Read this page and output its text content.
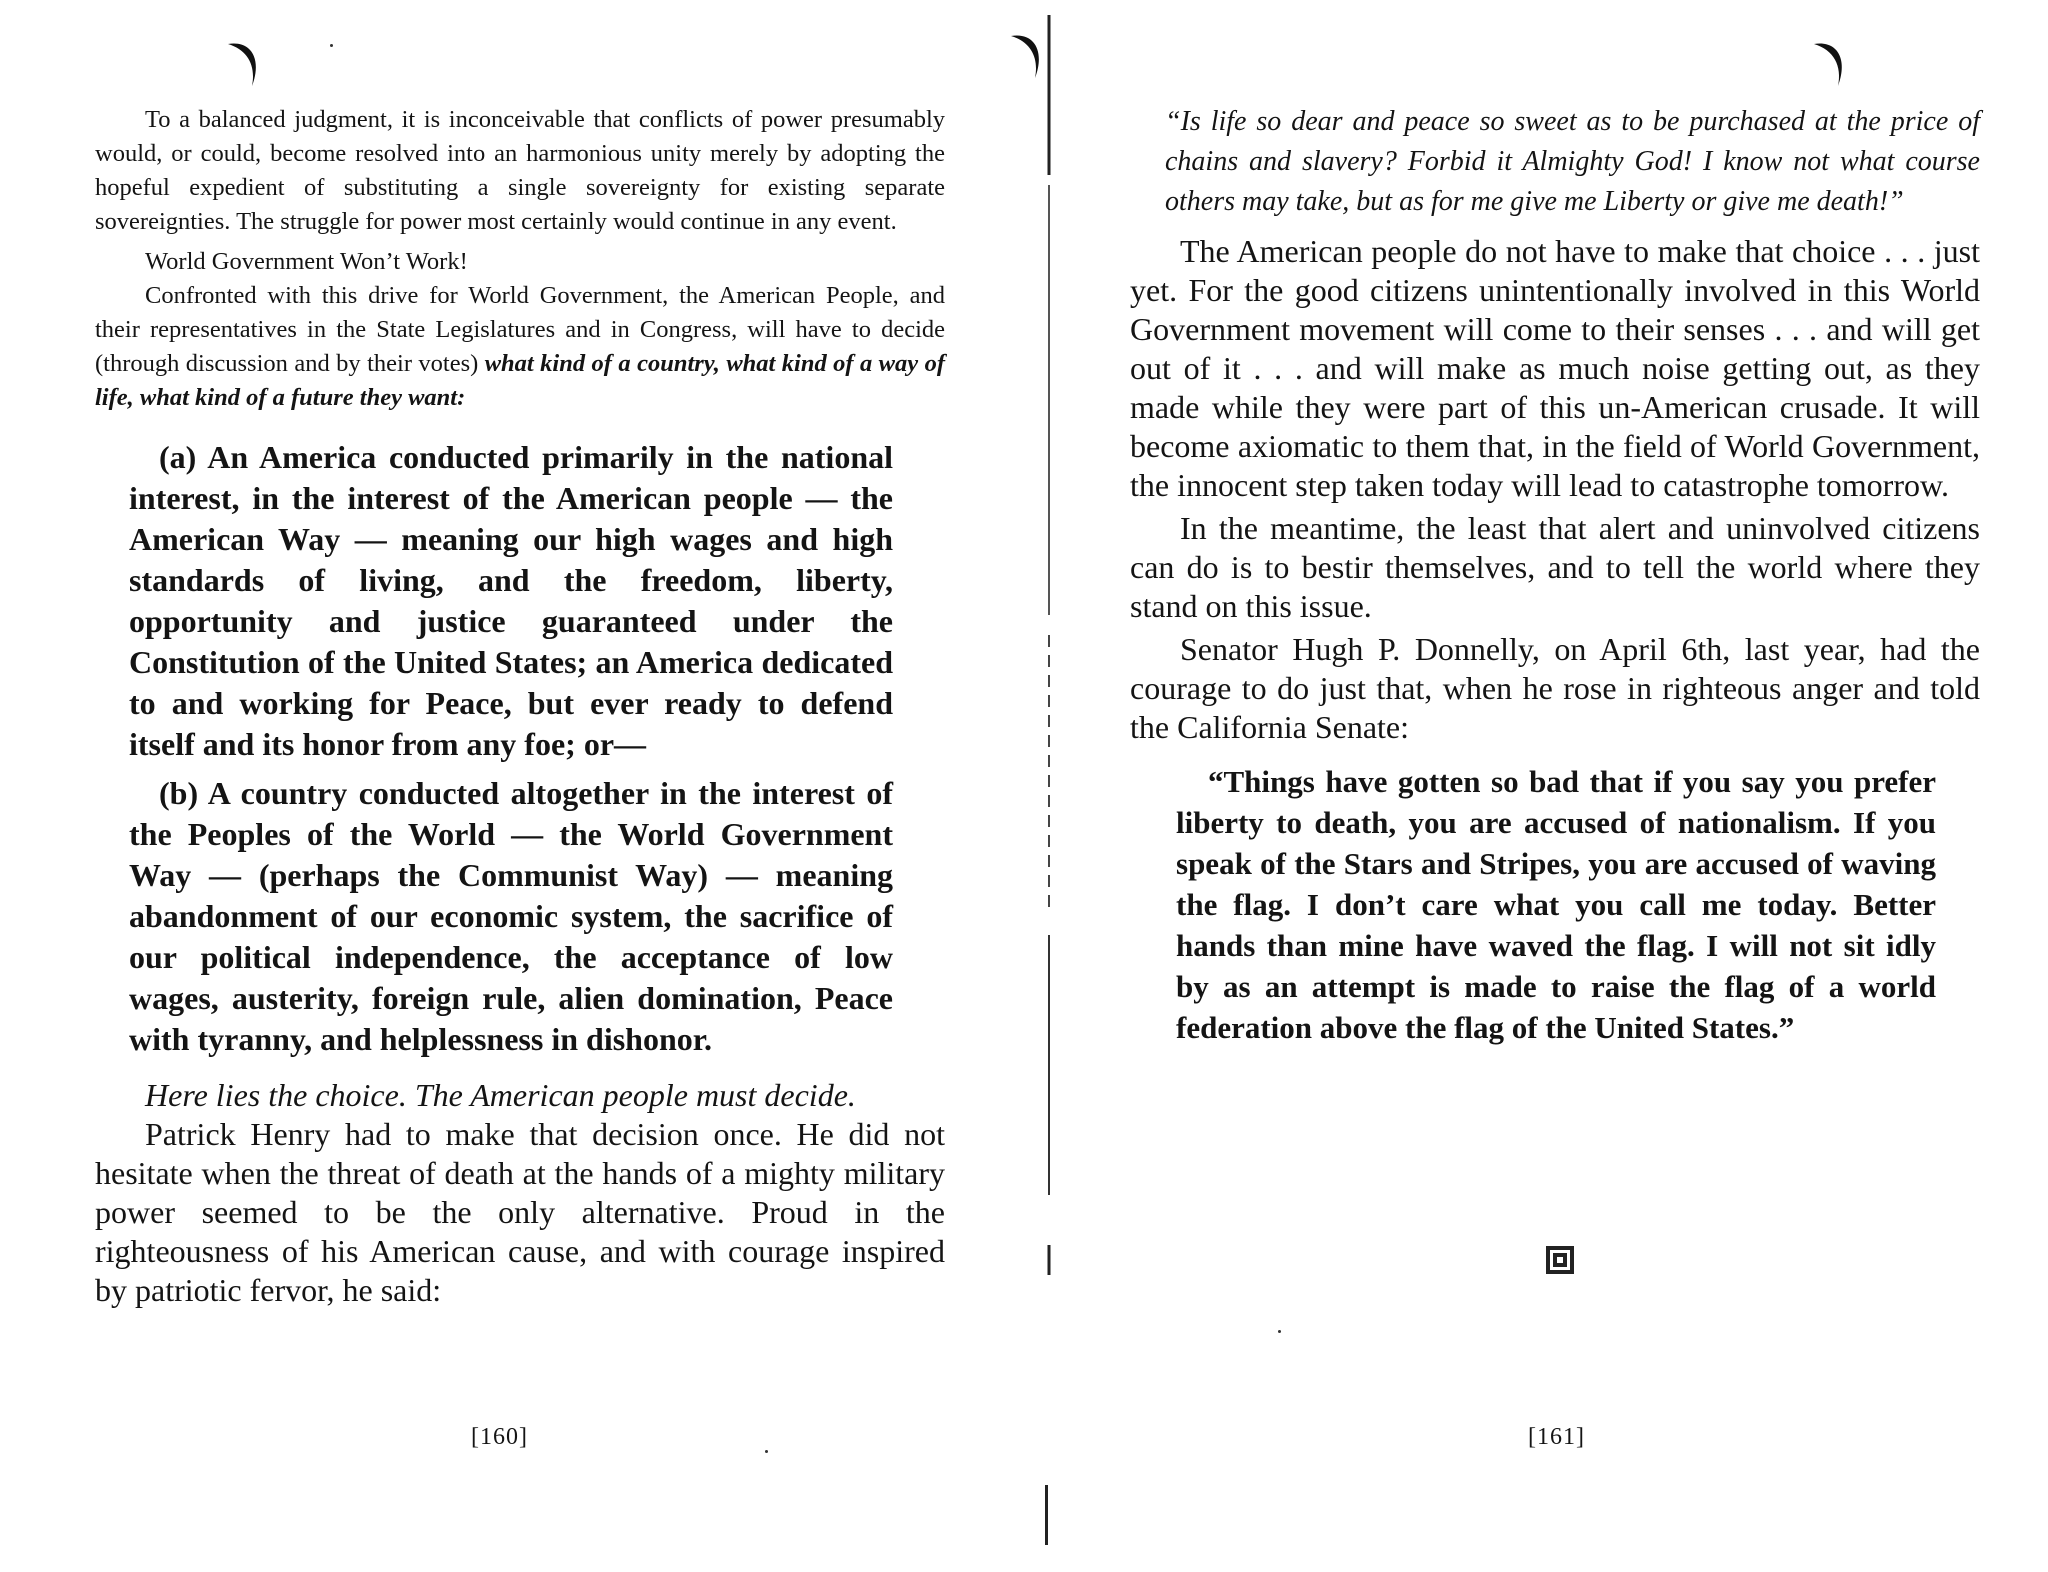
To a balanced judgment, it is inconceivable that conflicts of power presumably would, or could, become resolved into an harmonious unity merely by adopting the hopeful expedient of substituting a single sovereignty for existing separate sovereignties. The struggle for power most certainly would continue in any event.

World Government Won’t Work!

Confronted with this drive for World Government, the American People, and their representatives in the State Legislatures and in Congress, will have to decide (through discussion and by their votes) what kind of a country, what kind of a way of life, what kind of a future they want:

(a) An America conducted primarily in the national interest, in the interest of the American people — the American Way — meaning our high wages and high standards of living, and the freedom, liberty, opportunity and justice guaranteed under the Constitution of the United States; an America dedicated to and working for Peace, but ever ready to defend itself and its honor from any foe; or—

(b) A country conducted altogether in the interest of the Peoples of the World — the World Government Way — (perhaps the Communist Way) — meaning abandonment of our economic system, the sacrifice of our political independence, the acceptance of low wages, austerity, foreign rule, alien domination, Peace with tyranny, and helplessness in dishonor.

Here lies the choice. The American people must decide.

Patrick Henry had to make that decision once. He did not hesitate when the threat of death at the hands of a mighty military power seemed to be the only alternative. Proud in the righteousness of his American cause, and with courage inspired by patriotic fervor, he said:

[160]

“Is life so dear and peace so sweet as to be purchased at the price of chains and slavery? Forbid it Almighty God! I know not what course others may take, but as for me give me Liberty or give me death!”

The American people do not have to make that choice . . . just yet. For the good citizens unintentionally involved in this World Government movement will come to their senses . . . and will get out of it . . . and will make as much noise getting out, as they made while they were part of this un-American crusade. It will become axiomatic to them that, in the field of World Government, the innocent step taken today will lead to catastrophe tomorrow.

In the meantime, the least that alert and uninvolved citizens can do is to bestir themselves, and to tell the world where they stand on this issue.

Senator Hugh P. Donnelly, on April 6th, last year, had the courage to do just that, when he rose in righteous anger and told the California Senate:

“Things have gotten so bad that if you say you prefer liberty to death, you are accused of nationalism. If you speak of the Stars and Stripes, you are accused of waving the flag. I don’t care what you call me today. Better hands than mine have waved the flag. I will not sit idly by as an attempt is made to raise the flag of a world federation above the flag of the United States.”

[161]
